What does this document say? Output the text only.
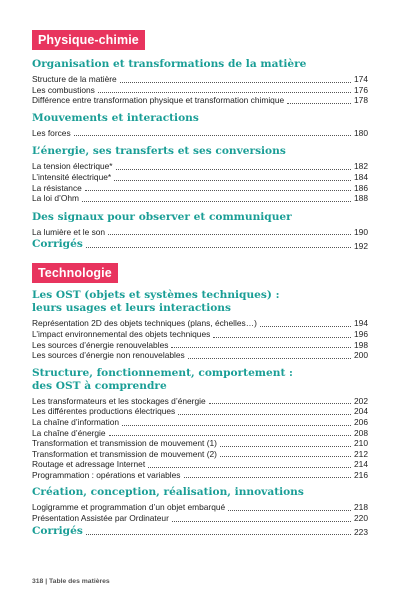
Physique-chimie
Organisation et transformations de la matière
Structure de la matière	174
Les combustions	176
Différence entre transformation physique et transformation chimique	178
Mouvements et interactions
Les forces	180
L’énergie, ses transferts et ses conversions
La tension électrique*	182
L’intensité électrique*	184
La résistance	186
La loi d’Ohm	188
Des signaux pour observer et communiquer
La lumière et le son	190
Corrigés	192
Technologie
Les OST (objets et systèmes techniques) :
leurs usages et leurs interactions
Représentation 2D des objets techniques (plans, échelles…)	194
L’impact environnemental des objets techniques	196
Les sources d’énergie renouvelables	198
Les sources d’énergie non renouvelables	200
Structure, fonctionnement, comportement :
des OST à comprendre
Les transformateurs et les stockages d’énergie	202
Les différentes productions électriques	204
La chaîne d’information	206
La chaîne d’énergie	208
Transformation et transmission de mouvement (1)	210
Transformation et transmission de mouvement (2)	212
Routage et adressage Internet	214
Programmation : opérations et variables	216
Création, conception, réalisation, innovations
Logigramme et programmation d’un objet embarqué	218
Présentation Assistée par Ordinateur	220
Corrigés	223
318 | Table des matières
